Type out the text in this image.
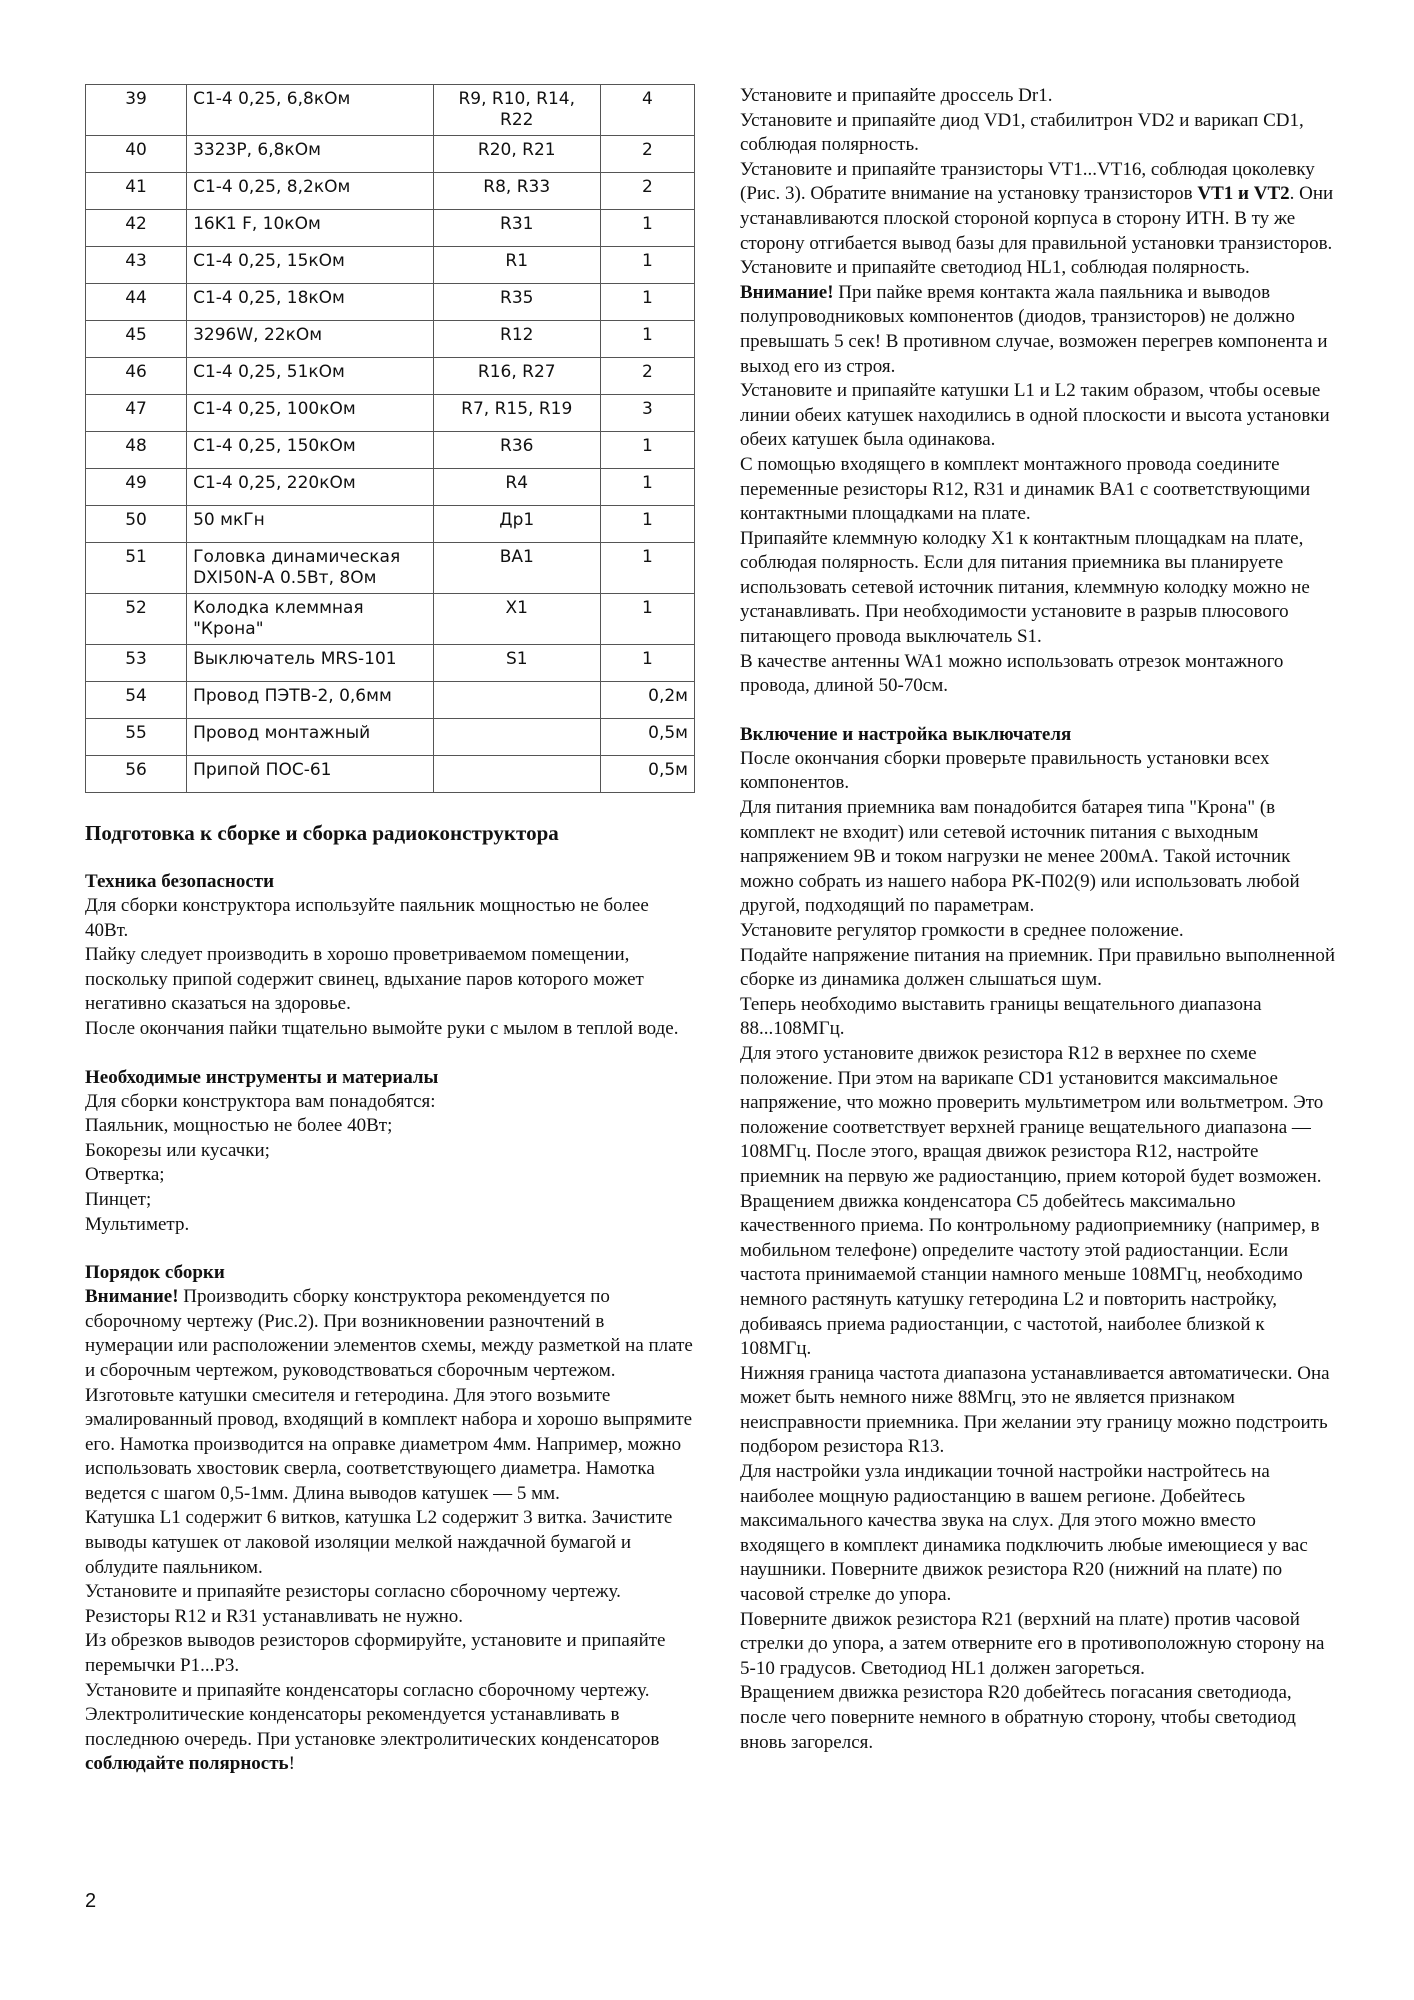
39	С1-4 0,25, 6,8кОм	R9, R10, R14, R22	4
40	3323P, 6,8кОм	R20, R21	2
41	С1-4 0,25, 8,2кОм	R8, R33	2
42	16K1 F, 10кОм	R31	1
43	С1-4 0,25, 15кОм	R1	1
44	С1-4 0,25, 18кОм	R35	1
45	3296W, 22кОм	R12	1
46	С1-4 0,25, 51кОм	R16, R27	2
47	С1-4 0,25, 100кОм	R7, R15, R19	3
48	С1-4 0,25, 150кОм	R36	1
49	С1-4 0,25, 220кОм	R4	1
50	50 мкГн	Др1	1
51	Головка динамическая DXI50N-A 0.5Вт, 8Ом	BA1	1
52	Колодка клеммная "Крона"	X1	1
53	Выключатель MRS-101	S1	1
54	Провод ПЭТВ-2, 0,6мм		0,2м
55	Провод монтажный		0,5м
56	Припой ПОС-61		0,5м
Подготовка к сборке и сборка радиоконструктора
Техника безопасности

Для сборки конструктора используйте паяльник мощностью не более 40Вт.
Пайку следует производить в хорошо проветриваемом помещении, поскольку припой содержит свинец, вдыхание паров которого может негативно сказаться на здоровье.
После окончания пайки тщательно вымойте руки с мылом в теплой воде.

Необходимые инструменты и материалы

Для сборки конструктора вам понадобятся:
Паяльник, мощностью не более 40Вт;
Бокорезы или кусачки;
Отвертка;
Пинцет;
Мультиметр.

Порядок сборки

Внимание! Производить сборку конструктора рекомендуется по сборочному чертежу (Рис.2). При возникновении разночтений в нумерации или расположении элементов схемы, между разметкой на плате и сборочным чертежом, руководствоваться сборочным чертежом.
Изготовьте катушки смесителя и гетеродина. Для этого возьмите эмалированный провод, входящий в комплект набора и хорошо выпрямите его. Намотка производится на оправке диаметром 4мм. Например, можно использовать хвостовик сверла, соответствующего диаметра. Намотка ведется с шагом 0,5-1мм. Длина выводов катушек — 5 мм.
Катушка L1 содержит 6 витков, катушка L2 содержит 3 витка. Зачистите выводы катушек от лаковой изоляции мелкой наждачной бумагой и облудите паяльником.
Установите и припаяйте резисторы согласно сборочному чертежу. Резисторы R12 и R31 устанавливать не нужно.
Из обрезков выводов резисторов сформируйте, установите и припаяйте перемычки P1...P3.
Установите и припаяйте конденсаторы согласно сборочному чертежу. Электролитические конденсаторы рекомендуется устанавливать в последнюю очередь. При установке электролитических конденсаторов соблюдайте полярность!

Установите и припаяйте дроссель Dr1.
Установите и припаяйте диод VD1, стабилитрон VD2 и варикап CD1, соблюдая полярность.
Установите и припаяйте транзисторы VT1...VT16, соблюдая цоколевку (Рис. 3). Обратите внимание на установку транзисторов VT1 и VT2. Они устанавливаются плоской стороной корпуса в сторону ИТН. В ту же сторону отгибается вывод базы для правильной установки транзисторов.
Установите и припаяйте светодиод HL1, соблюдая полярность.
Внимание! При пайке время контакта жала паяльника и выводов полупроводниковых компонентов (диодов, транзисторов) не должно превышать 5 сек! В противном случае, возможен перегрев компонента и выход его из строя.
Установите и припаяйте катушки L1 и L2 таким образом, чтобы осевые линии обеих катушек находились в одной плоскости и высота установки обеих катушек была одинакова.
С помощью входящего в комплект монтажного провода соедините переменные резисторы R12, R31 и динамик BA1 с соответствующими контактными площадками на плате.
Припаяйте клеммную колодку X1 к контактным площадкам на плате, соблюдая полярность. Если для питания приемника вы планируете использовать сетевой источник питания, клеммную колодку можно не устанавливать. При необходимости установите в разрыв плюсового питающего провода выключатель S1.
В качестве антенны WA1 можно использовать отрезок монтажного провода, длиной 50-70см.

Включение и настройка выключателя

После окончания сборки проверьте правильность установки всех компонентов.
Для питания приемника вам понадобится батарея типа "Крона" (в комплект не входит) или сетевой источник питания с выходным напряжением 9В и током нагрузки не менее 200мА. Такой источник можно собрать из нашего набора РК-П02(9) или использовать любой другой, подходящий по параметрам.
Установите регулятор громкости в среднее положение.
Подайте напряжение питания на приемник. При правильно выполненной сборке из динамика должен слышаться шум.
Теперь необходимо выставить границы вещательного диапазона 88...108МГц.
Для этого установите движок резистора R12 в верхнее по схеме положение. При этом на варикапе CD1 установится максимальное напряжение, что можно проверить мультиметром или вольтметром. Это положение соответствует верхней границе вещательного диапазона — 108МГц. После этого, вращая движок резистора R12, настройте приемник на первую же радиостанцию, прием которой будет возможен.
Вращением движка конденсатора C5 добейтесь максимально качественного приема. По контрольному радиоприемнику (например, в мобильном телефоне) определите частоту этой радиостанции. Если частота принимаемой станции намного меньше 108МГц, необходимо немного растянуть катушку гетеродина L2 и повторить настройку, добиваясь приема радиостанции, с частотой, наиболее близкой к 108МГц.
Нижняя граница частота диапазона устанавливается автоматически. Она может быть немного ниже 88Мгц, это не является признаком неисправности приемника. При желании эту границу можно подстроить подбором резистора R13.
Для настройки узла индикации точной настройки настройтесь на наиболее мощную радиостанцию в вашем регионе. Добейтесь максимального качества звука на слух. Для этого можно вместо входящего в комплект динамика подключить любые имеющиеся у вас наушники. Поверните движок резистора R20 (нижний на плате) по часовой стрелке до упора.
Поверните движок резистора R21 (верхний на плате) против часовой стрелки до упора, а затем отверните его в противоположную сторону на 5-10 градусов. Светодиод HL1 должен загореться.
Вращением движка резистора R20 добейтесь погасания светодиода, после чего поверните немного в обратную сторону, чтобы светодиод вновь загорелся.

2
